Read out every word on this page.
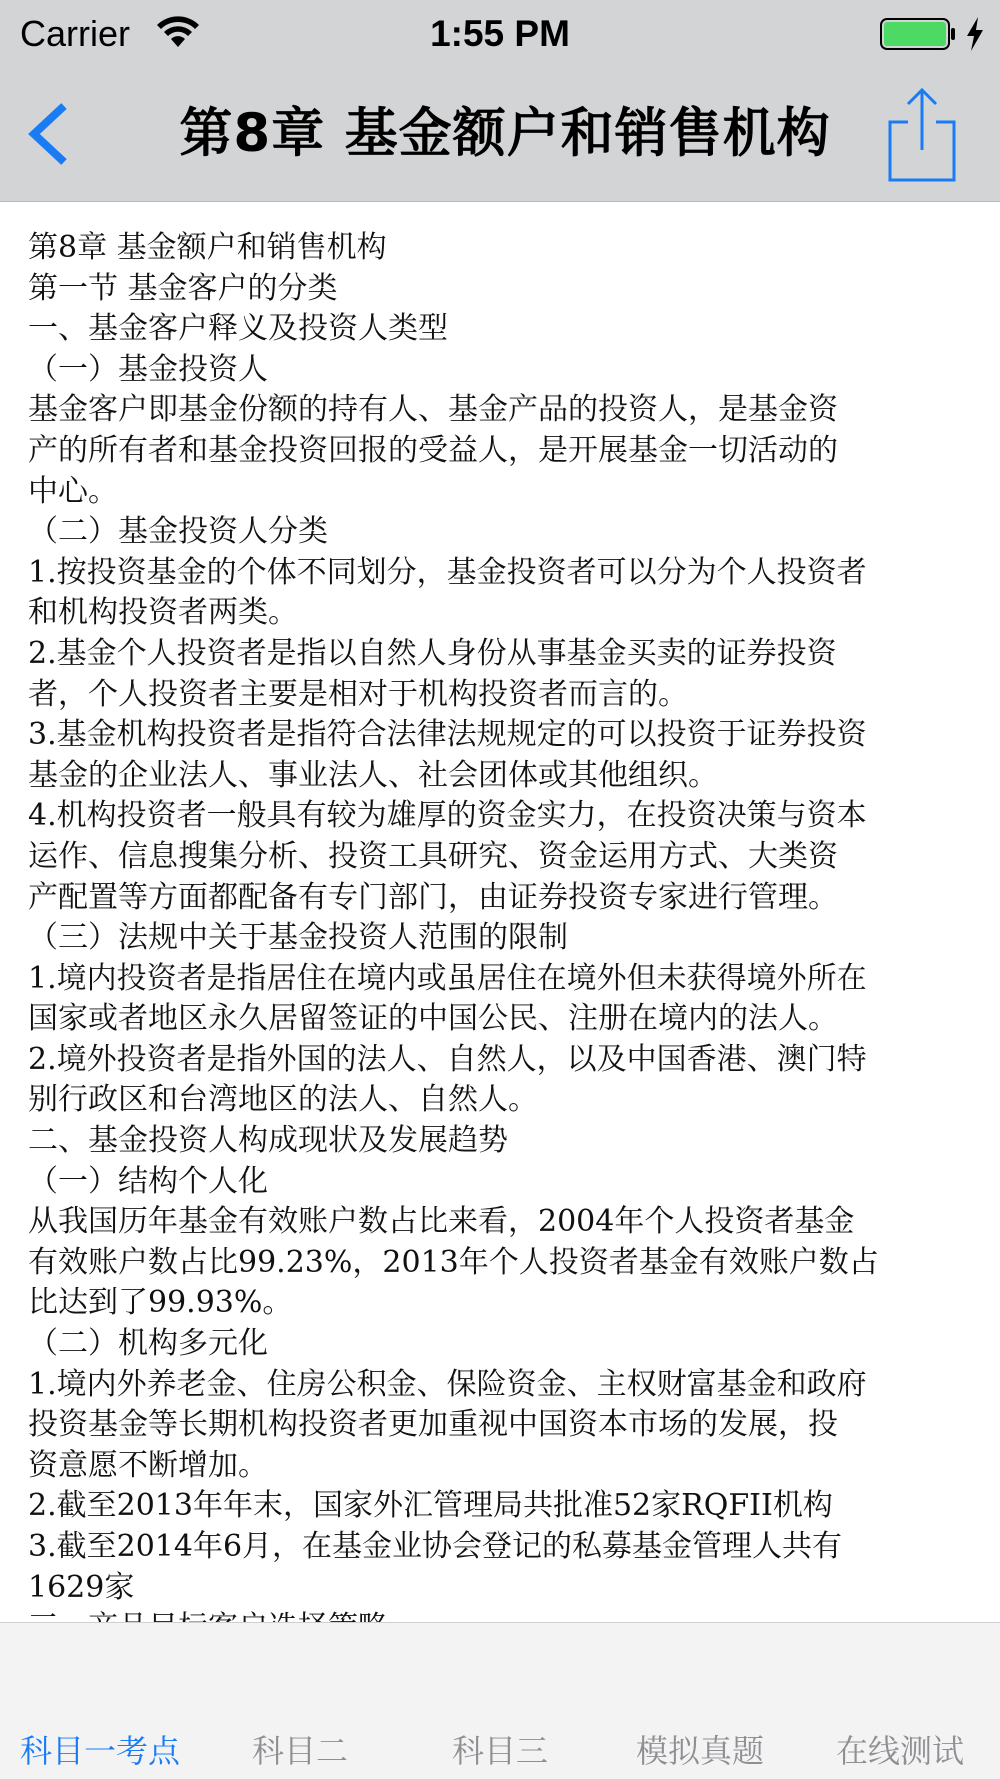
Carrier	1:55 PM
第8章 基金额户和销售机构
第8章 基金额户和销售机构
第一节 基金客户的分类
一、基金客户释义及投资人类型
（一）基金投资人
基金客户即基金份额的持有人、基金产品的投资人，是基金资
产的所有者和基金投资回报的受益人，是开展基金一切活动的
中心。
（二）基金投资人分类
1.按投资基金的个体不同划分，基金投资者可以分为个人投资者
和机构投资者两类。
2.基金个人投资者是指以自然人身份从事基金买卖的证券投资
者，个人投资者主要是相对于机构投资者而言的。
3.基金机构投资者是指符合法律法规规定的可以投资于证券投资
基金的企业法人、事业法人、社会团体或其他组织。
4.机构投资者一般具有较为雄厚的资金实力，在投资决策与资本
运作、信息搜集分析、投资工具研究、资金运用方式、大类资
产配置等方面都配备有专门部门，由证券投资专家进行管理。
（三）法规中关于基金投资人范围的限制
1.境内投资者是指居住在境内或虽居住在境外但未获得境外所在
国家或者地区永久居留签证的中国公民、注册在境内的法人。
2.境外投资者是指外国的法人、自然人，以及中国香港、澳门特
别行政区和台湾地区的法人、自然人。
二、基金投资人构成现状及发展趋势
（一）结构个人化
从我国历年基金有效账户数占比来看，2004年个人投资者基金
有效账户数占比99.23%，2013年个人投资者基金有效账户数占
比达到了99.93%。
（二）机构多元化
1.境内外养老金、住房公积金、保险资金、主权财富基金和政府
投资基金等长期机构投资者更加重视中国资本市场的发展，投
资意愿不断增加。
2.截至2013年年末，国家外汇管理局共批准52家RQFII机构
3.截至2014年6月，在基金业协会登记的私募基金管理人共有
1629家
科目一考点	科目二	科目三	模拟真题	在线测试
